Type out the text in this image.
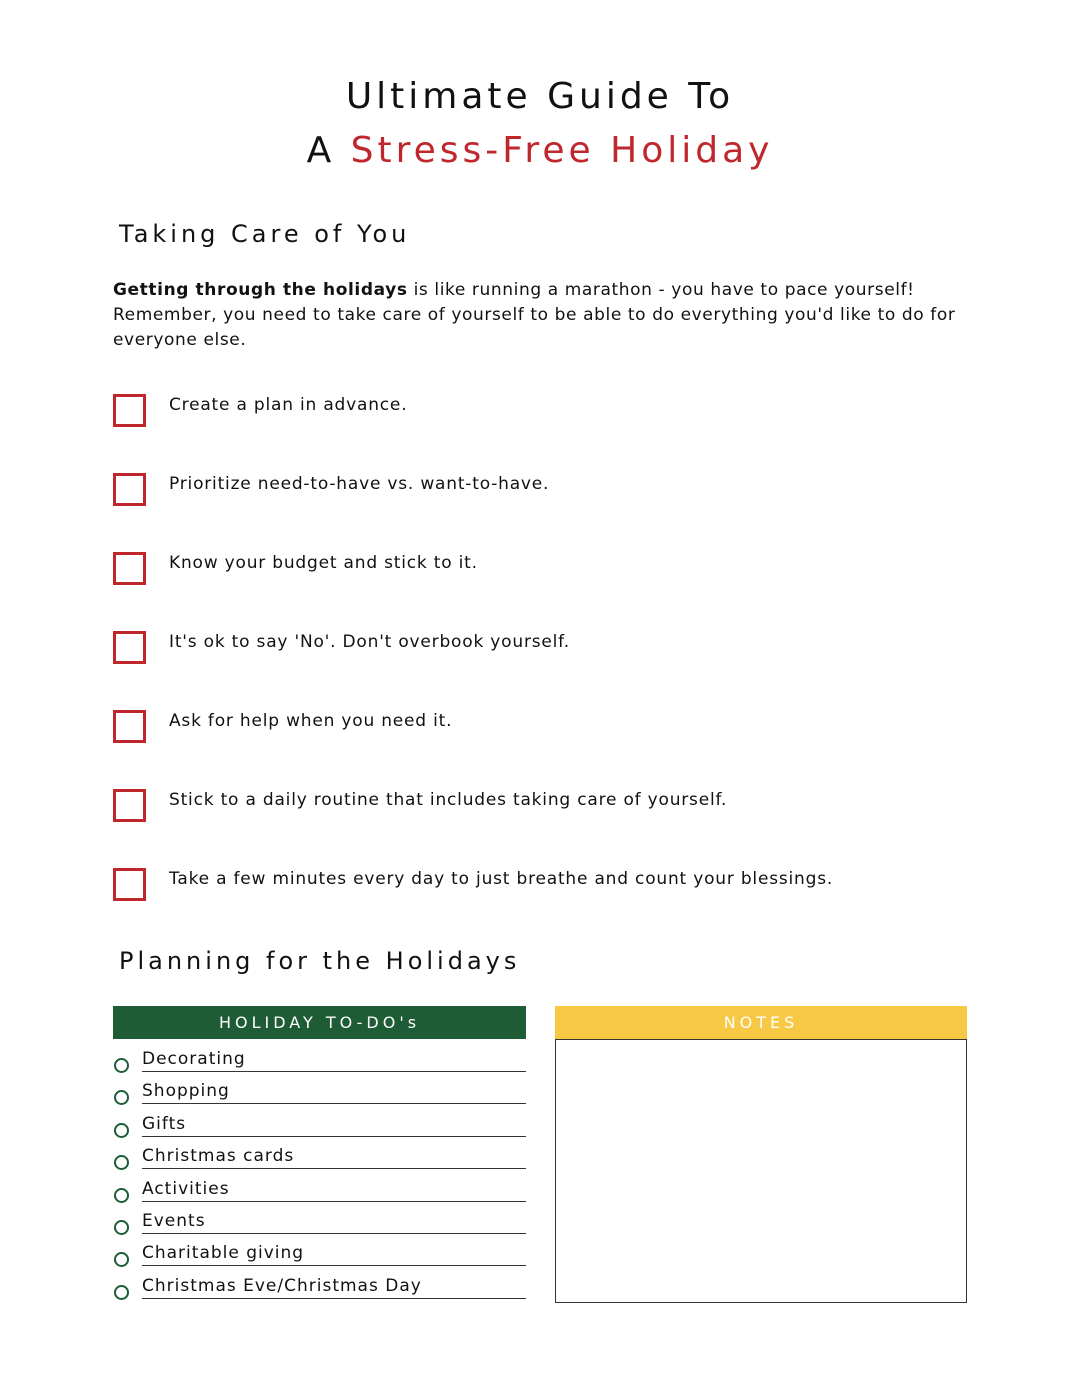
Ultimate Guide To
A Stress-Free Holiday
Taking Care of You

Getting through the holidays is like running a marathon - you have to pace yourself! Remember, you need to take care of yourself to be able to do everything you'd like to do for everyone else.

Create a plan in advance.
Prioritize need-to-have vs. want-to-have.
Know your budget and stick to it.
It's ok to say 'No'. Don't overbook yourself.
Ask for help when you need it.
Stick to a daily routine that includes taking care of yourself.
Take a few minutes every day to just breathe and count your blessings.
Planning for the Holidays
HOLIDAY TO-DO's
Decorating
Shopping
Gifts
Christmas cards
Activities
Events
Charitable giving
Christmas Eve/Christmas Day
NOTES
